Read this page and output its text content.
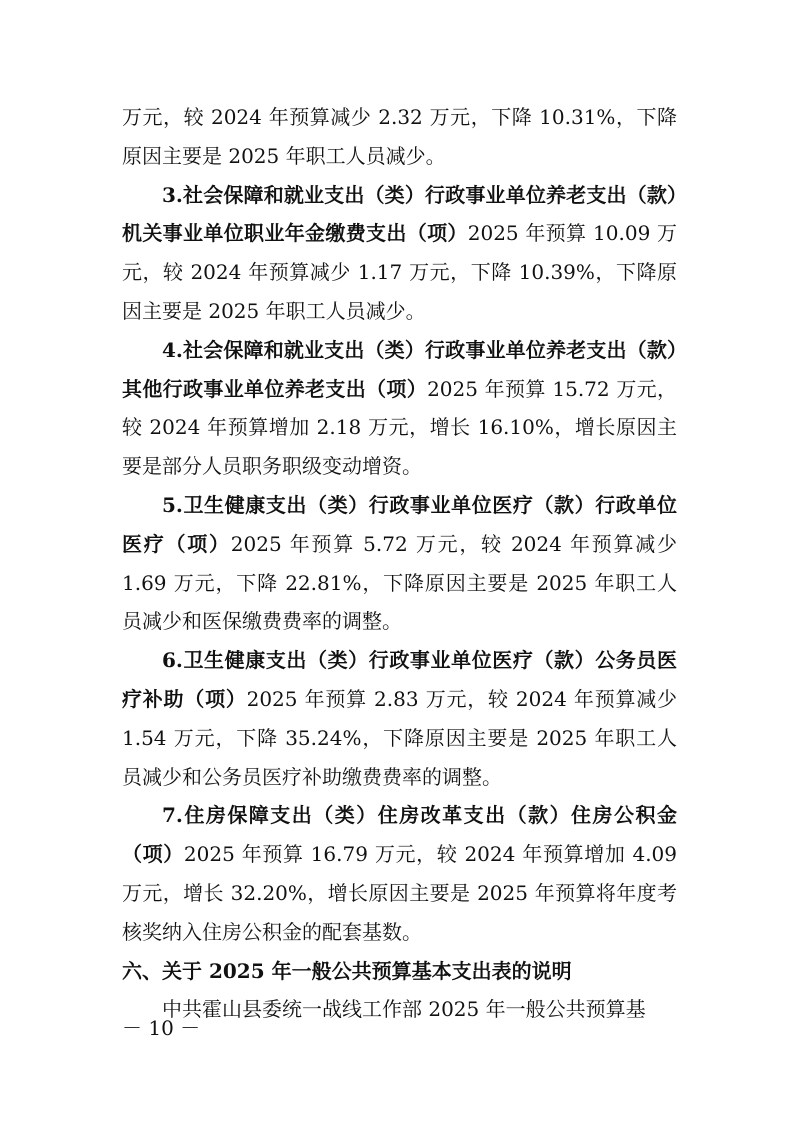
万元，较 2024 年预算减少 2.32 万元，下降 10.31%，下降原因主要是 2025 年职工人员减少。

3.社会保障和就业支出（类）行政事业单位养老支出（款）机关事业单位职业年金缴费支出（项）2025 年预算 10.09 万元，较 2024 年预算减少 1.17 万元，下降 10.39%，下降原因主要是 2025 年职工人员减少。

4.社会保障和就业支出（类）行政事业单位养老支出（款）其他行政事业单位养老支出（项）2025 年预算 15.72 万元，较 2024 年预算增加 2.18 万元，增长 16.10%，增长原因主要是部分人员职务职级变动增资。

5.卫生健康支出（类）行政事业单位医疗（款）行政单位医疗（项）2025 年预算 5.72 万元，较 2024 年预算减少 1.69 万元，下降 22.81%，下降原因主要是 2025 年职工人员减少和医保缴费费率的调整。

6.卫生健康支出（类）行政事业单位医疗（款）公务员医疗补助（项）2025 年预算 2.83 万元，较 2024 年预算减少 1.54 万元，下降 35.24%，下降原因主要是 2025 年职工人员减少和公务员医疗补助缴费费率的调整。

7.住房保障支出（类）住房改革支出（款）住房公积金（项）2025 年预算 16.79 万元，较 2024 年预算增加 4.09 万元，增长 32.20%，增长原因主要是 2025 年预算将年度考核奖纳入住房公积金的配套基数。

六、关于 2025 年一般公共预算基本支出表的说明

中共霍山县委统一战线工作部 2025 年一般公共预算基

－ 10 －
